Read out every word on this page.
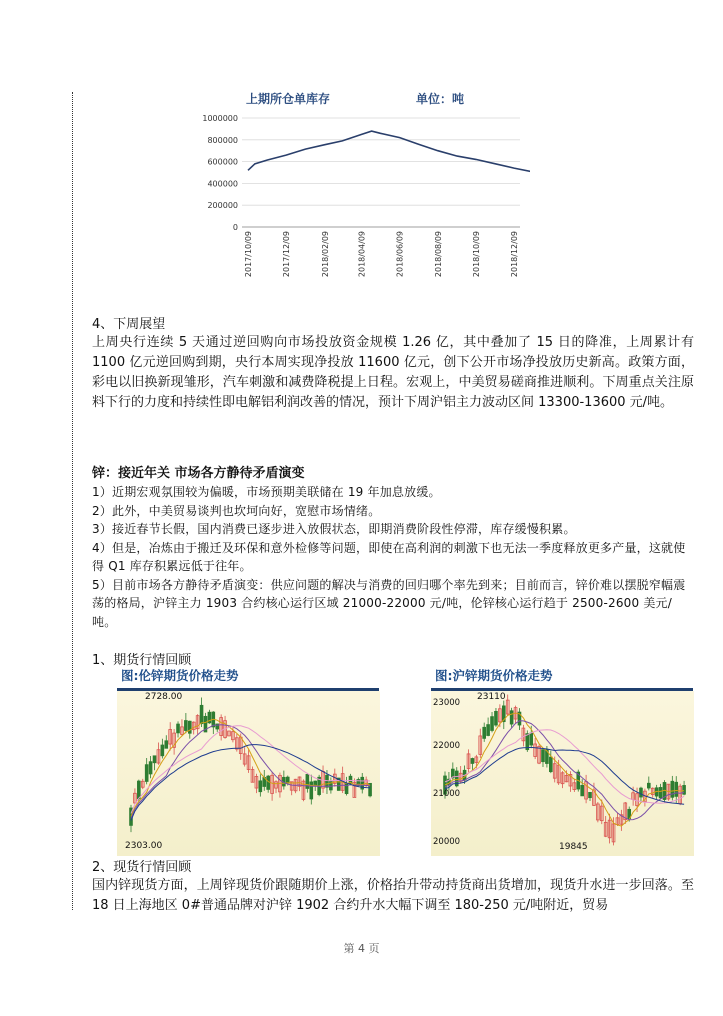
上期所仓单库存	单位：吨
1000000
800000
600000
400000
200000
0
2017/10/09	2017/12/09	2018/02/09	2018/04/09	2018/06/09	2018/08/09	2018/10/09	2018/12/09
4、下周展望
上周央行连续 5 天通过逆回购向市场投放资金规模 1.26 亿，其中叠加了 15 日的降准，上周累计有 1100 亿元逆回购到期，央行本周实现净投放 11600 亿元，创下公开市场净投放历史新高。政策方面，彩电以旧换新现雏形，汽车刺激和减费降税提上日程。宏观上，中美贸易磋商推进顺利。下周重点关注原料下行的力度和持续性即电解铝利润改善的情况，预计下周沪铝主力波动区间 13300-13600 元/吨。
锌：接近年关 市场各方静待矛盾演变
1）近期宏观氛围较为偏暖，市场预期美联储在 19 年加息放缓。
2）此外，中美贸易谈判也坎坷向好，宽慰市场情绪。
3）接近春节长假，国内消费已逐步进入放假状态，即期消费阶段性停滞，库存缓慢积累。
4）但是，冶炼由于搬迁及环保和意外检修等问题，即使在高利润的刺激下也无法一季度释放更多产量，这就使得 Q1 库存积累远低于往年。
5）目前市场各方静待矛盾演变：供应问题的解决与消费的回归哪个率先到来；目前而言，锌价难以摆脱窄幅震荡的格局，沪锌主力 1903 合约核心运行区域 21000-22000 元/吨，伦锌核心运行趋于 2500-2600 美元/吨。
1、期货行情回顾
图:伦锌期货价格走势
2728.00
2303.00
图:沪锌期货价格走势
23000
22000
21000
20000
23110
19845
2、现货行情回顾
国内锌现货方面，上周锌现货价跟随期价上涨，价格抬升带动持货商出货增加，现货升水进一步回落。至 18 日上海地区 0#普通品牌对沪锌 1902 合约升水大幅下调至 180-250 元/吨附近，贸易
第 4 页
